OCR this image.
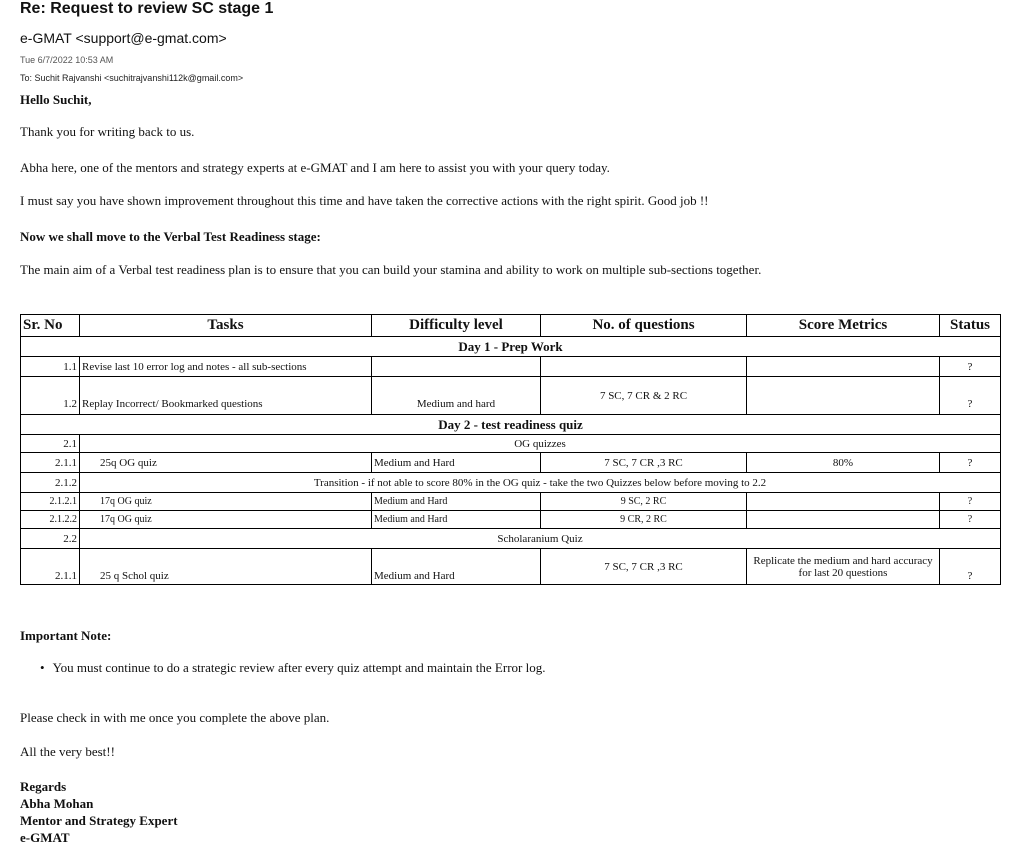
Re: Request to review SC stage 1
e-GMAT <support@e-gmat.com>
Tue 6/7/2022 10:53 AM
To: Suchit Rajvanshi <suchitrajvanshi112k@gmail.com>
Hello Suchit,
Thank you for writing back to us.
Abha here, one of the mentors and strategy experts at e-GMAT and I am here to assist you with your query today.
I must say you have shown improvement throughout this time and have taken the corrective actions with the right spirit. Good job !!
Now we shall move to the Verbal Test Readiness stage:
The main aim of a Verbal test readiness plan is to ensure that you can build your stamina and ability to work on multiple sub-sections together.
Sr. No	Tasks	Difficulty level	No. of questions	Score Metrics	Status
Day 1 - Prep Work					
1.1	Revise last 10 error log and notes - all sub-sections				?
1.2	Replay Incorrect/ Bookmarked questions	Medium and hard	7 SC, 7 CR & 2 RC		?
Day 2 - test readiness quiz					
2.1	OG quizzes				
2.1.1	25q OG quiz	Medium and Hard	7 SC, 7 CR ,3 RC	80%	?
2.1.2	Transition - if not able to score 80% in the OG quiz - take the two Quizzes below before moving to 2.2				
2.1.2.1	17q OG quiz	Medium and Hard	9 SC, 2 RC		?
2.1.2.2	17q OG quiz	Medium and Hard	9 CR, 2 RC		?
2.2	Scholaranium Quiz				
2.1.1	25 q Schol quiz	Medium and Hard	7 SC, 7 CR ,3 RC	Replicate the medium and hard accuracy for last 20 questions	?
Important Note:
• You must continue to do a strategic review after every quiz attempt and maintain the Error log.
Please check in with me once you complete the above plan.
All the very best!!
Regards
Abha Mohan
Mentor and Strategy Expert
e-GMAT
